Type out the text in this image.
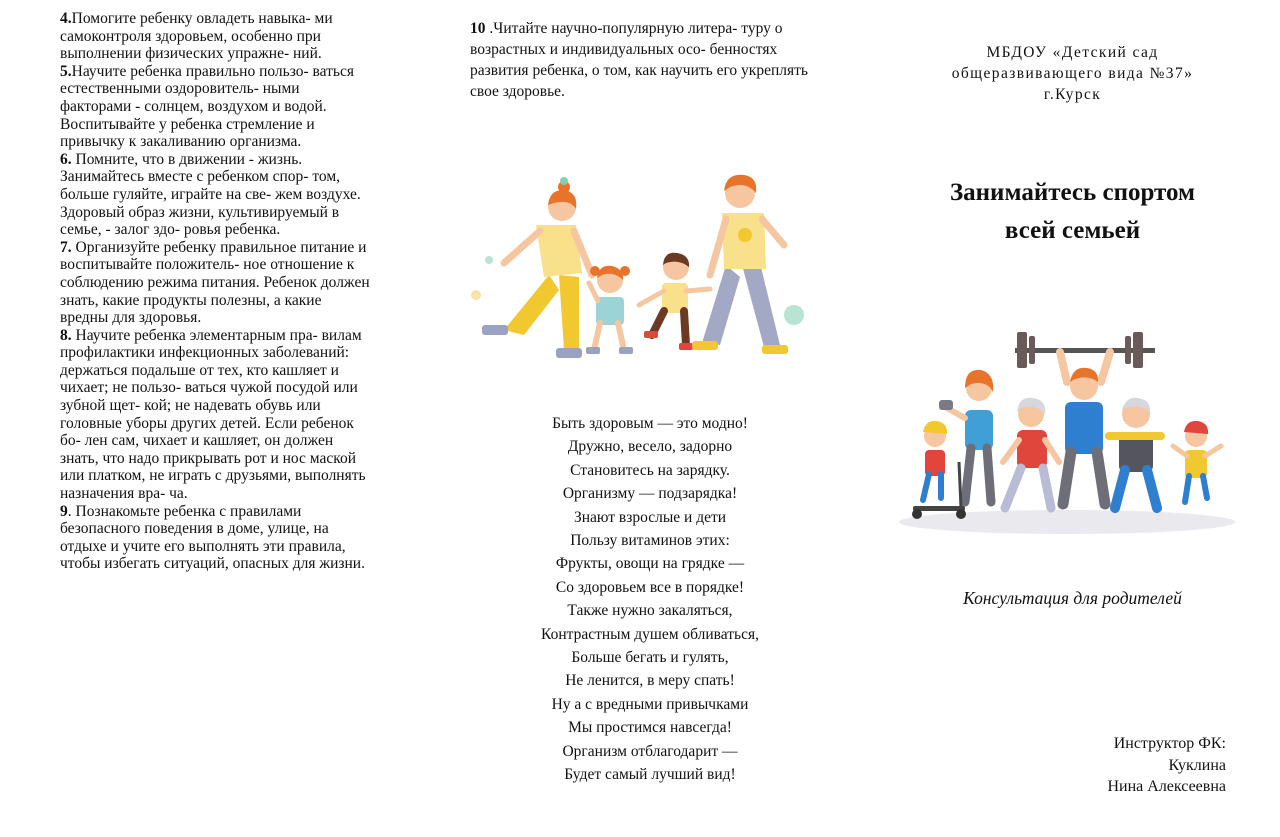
4.Помогите ребенку овладеть навыка- ми самоконтроля здоровьем, особенно при выполнении физических упражне- ний.

5.Научите ребенка правильно пользо- ваться естественными оздоровитель- ными факторами - солнцем, воздухом и водой. Воспитывайте у ребенка стремление и привычку к закаливанию организма.

6. Помните, что в движении - жизнь. Занимайтесь вместе с ребенком спор- том, больше гуляйте, играйте на све- жем воздухе. Здоровый образ жизни, культивируемый в семье, - залог здо- ровья ребенка.

7. Организуйте ребенку правильное питание и воспитывайте положитель- ное отношение к соблюдению режима питания. Ребенок должен знать, какие продукты полезны, а какие вредны для здоровья.

8. Научите ребенка элементарным пра- вилам профилактики инфекционных заболеваний: держаться подальше от тех, кто кашляет и чихает; не пользо- ваться чужой посудой или зубной щет- кой; не надевать обувь или головные уборы других детей. Если ребенок бо- лен сам, чихает и кашляет, он должен знать, что надо прикрывать рот и нос маской или платком, не играть с друзьями, выполнять назначения вра- ча.

9. Познакомьте ребенка с правилами безопасного поведения в доме, улице, на отдыхе и учите его выполнять эти правила, чтобы избегать ситуаций, опасных для жизни.

10 .Читайте научно-популярную литера- туру о возрастных и индивидуальных осо- бенностях развития ребенка, о том, как научить его укреплять свое здоровье.

Быть здоровым — это модно!
Дружно, весело, задорно
Становитесь на зарядку.
Организму — подзарядка!
Знают взрослые и дети
Пользу витаминов этих:
Фрукты, овощи на грядке —
Со здоровьем все в порядке!
Также нужно закаляться,
Контрастным душем обливаться,
Больше бегать и гулять,
Не ленится, в меру спать!
Ну а с вредными привычками
Мы простимся навсегда!
Организм отблагодарит —
Будет самый лучший вид!
МБДОУ «Детский сад
общеразвивающего вида №37»
г.Курск
Занимайтесь спортом
всей семьей
Консультация для родителей
Инструктор ФК:
Куклина
Нина Алексеевна
